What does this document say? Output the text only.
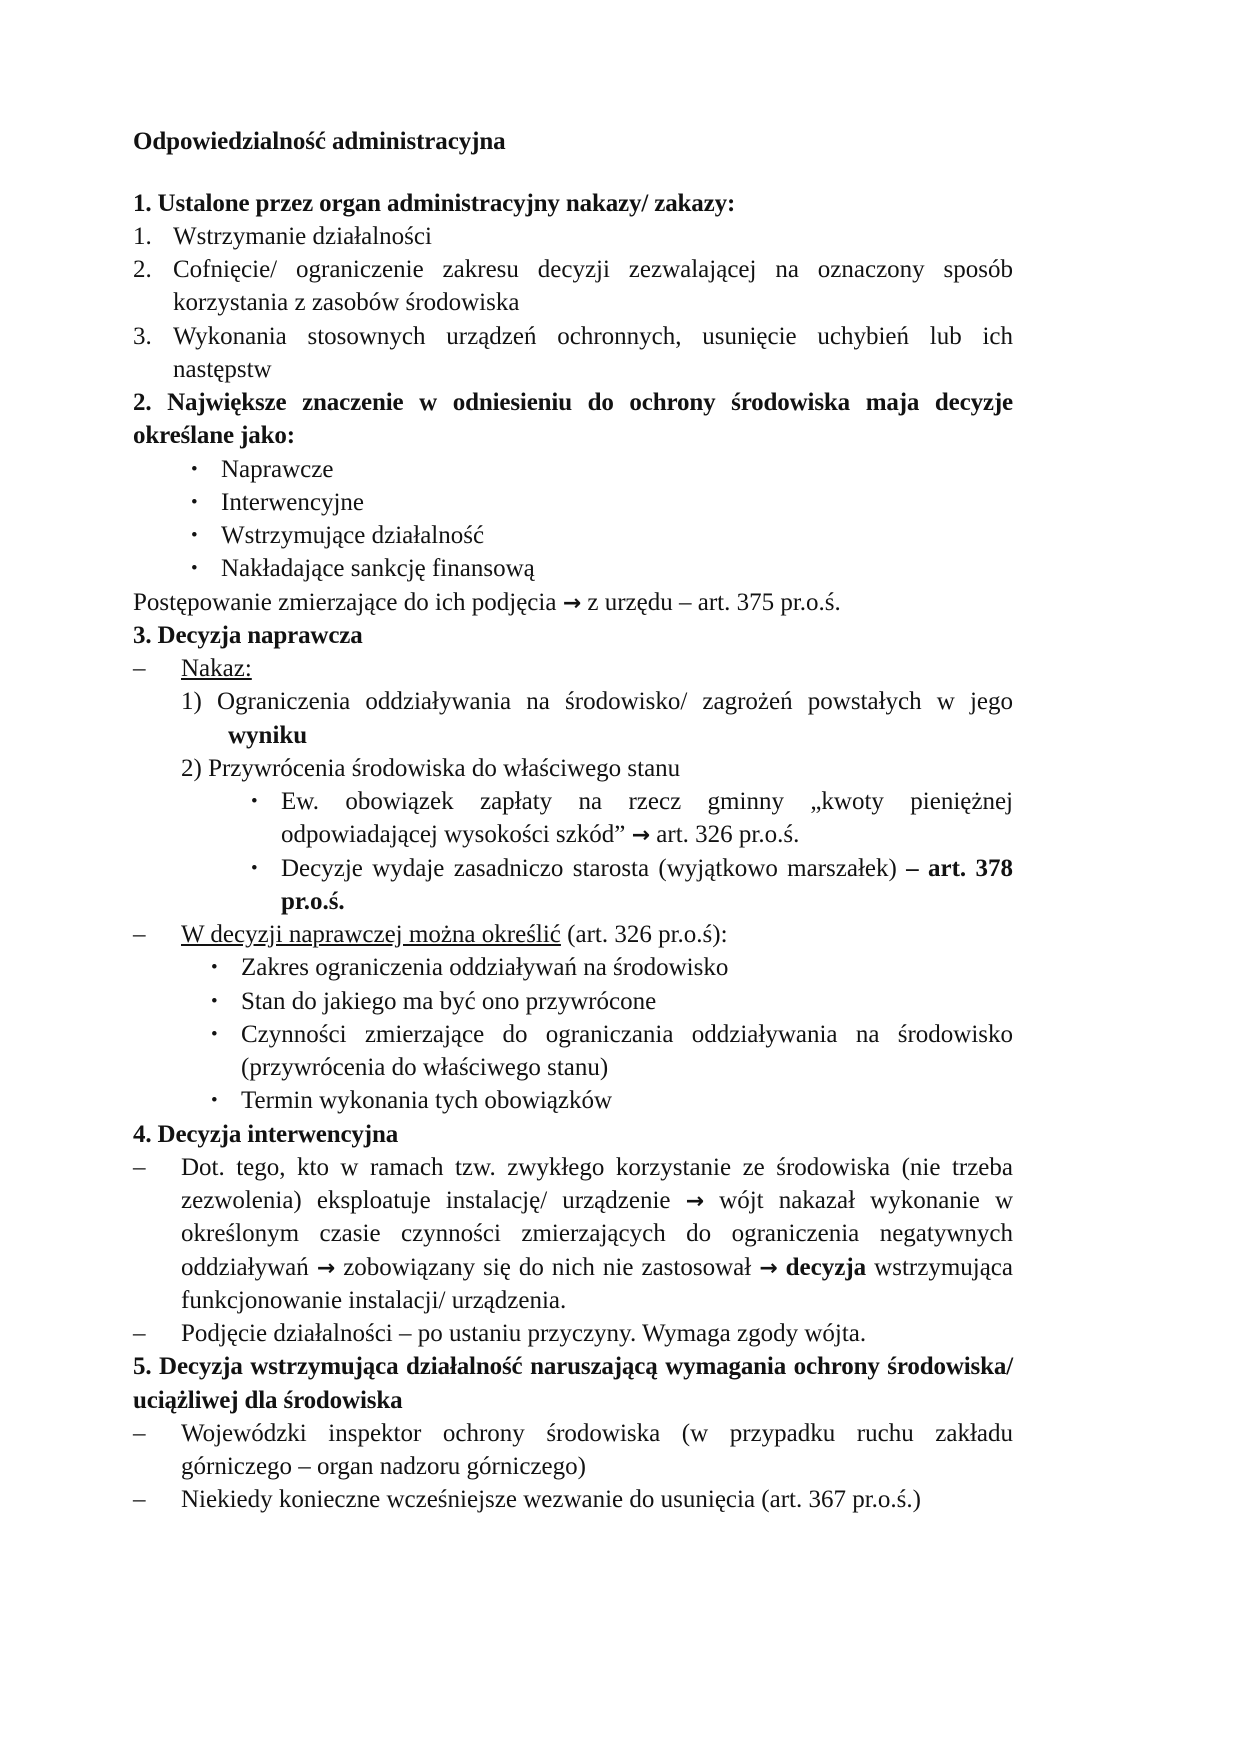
Odpowiedzialność administracyjna

1. Ustalone przez organ administracyjny nakazy/ zakazy:

1. Wstrzymanie działalności

2. Cofnięcie/ ograniczenie zakresu decyzji zezwalającej na oznaczony sposób korzystania z zasobów środowiska

3. Wykonania stosownych urządzeń ochronnych, usunięcie uchybień lub ich następstw

2. Największe znaczenie w odniesieniu do ochrony środowiska maja decyzje określane jako:

• Naprawcze

• Interwencyjne

• Wstrzymujące działalność

• Nakładające sankcję finansową

Postępowanie zmierzające do ich podjęcia → z urzędu – art. 375 pr.o.ś.

3. Decyzja naprawcza

– Nakaz:

1) Ograniczenia oddziaływania na środowisko/ zagrożeń powstałych w jego wyniku

2) Przywrócenia środowiska do właściwego stanu

• Ew. obowiązek zapłaty na rzecz gminny „kwoty pieniężnej odpowiadającej wysokości szkód” → art. 326 pr.o.ś.

• Decyzje wydaje zasadniczo starosta (wyjątkowo marszałek) – art. 378 pr.o.ś.

– W decyzji naprawczej można określić (art. 326 pr.o.ś):

• Zakres ograniczenia oddziaływań na środowisko

• Stan do jakiego ma być ono przywrócone

• Czynności zmierzające do ograniczania oddziaływania na środowisko (przywrócenia do właściwego stanu)

• Termin wykonania tych obowiązków

4. Decyzja interwencyjna

– Dot. tego, kto w ramach tzw. zwykłego korzystanie ze środowiska (nie trzeba zezwolenia) eksploatuje instalację/ urządzenie → wójt nakazał wykonanie w określonym czasie czynności zmierzających do ograniczenia negatywnych oddziaływań → zobowiązany się do nich nie zastosował → decyzja wstrzymująca funkcjonowanie instalacji/ urządzenia.

– Podjęcie działalności – po ustaniu przyczyny. Wymaga zgody wójta.

5. Decyzja wstrzymująca działalność naruszającą wymagania ochrony środowiska/ uciążliwej dla środowiska

– Wojewódzki inspektor ochrony środowiska (w przypadku ruchu zakładu górniczego – organ nadzoru górniczego)

– Niekiedy konieczne wcześniejsze wezwanie do usunięcia (art. 367 pr.o.ś.)
